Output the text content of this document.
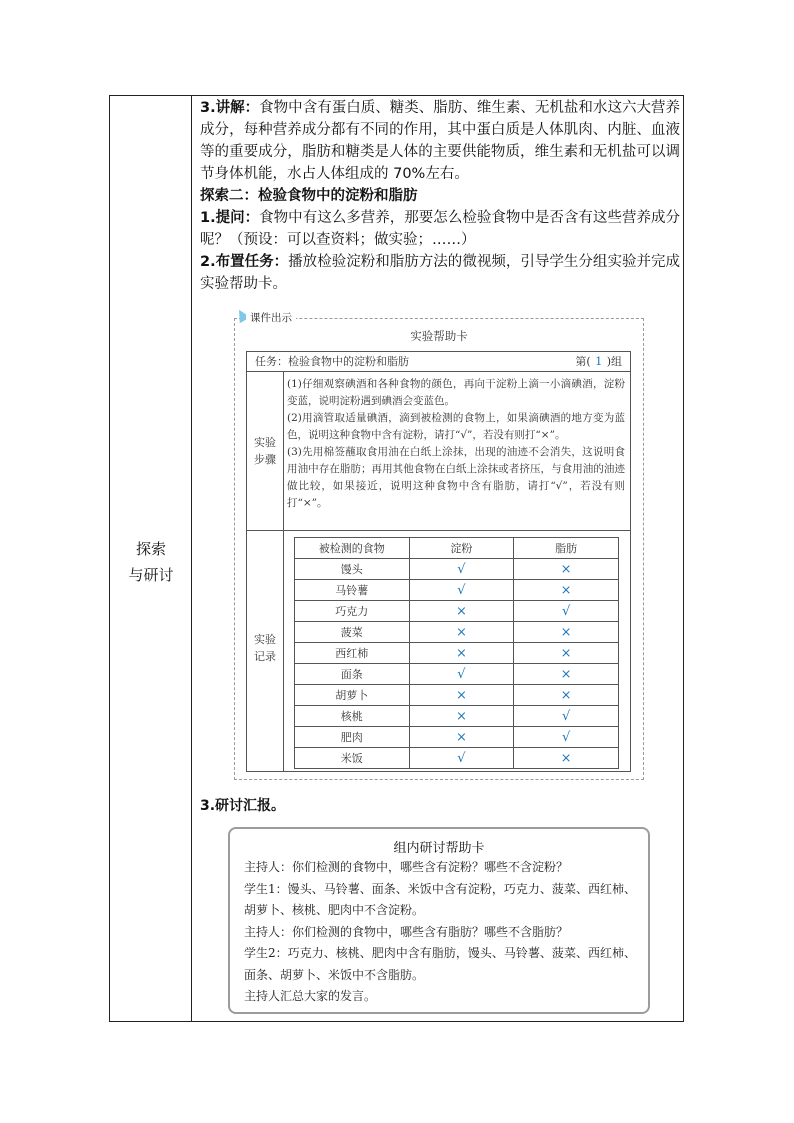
探索
与研讨

3.讲解：食物中含有蛋白质、糖类、脂肪、维生素、无机盐和水这六大营养成分，每种营养成分都有不同的作用，其中蛋白质是人体肌肉、内脏、血液等的重要成分，脂肪和糖类是人体的主要供能物质，维生素和无机盐可以调节身体机能，水占人体组成的 70%左右。

探索二：检验食物中的淀粉和脂肪

1.提问：食物中有这么多营养，那要怎么检验食物中是否含有这些营养成分呢？（预设：可以查资料；做实验；……）

2.布置任务：播放检验淀粉和脂肪方法的微视频，引导学生分组实验并完成实验帮助卡。

课件出示
实验帮助卡
任务：检验食物中的淀粉和脂肪	第( 1 )组
实验
步骤

(1)仔细观察碘酒和各种食物的颜色，再向干淀粉上滴一小滴碘酒，淀粉变蓝，说明淀粉遇到碘酒会变蓝色。

(2)用滴管取适量碘酒，滴到被检测的食物上，如果滴碘酒的地方变为蓝色，说明这种食物中含有淀粉，请打“√”，若没有则打“×”。

(3)先用棉签蘸取食用油在白纸上涂抹，出现的油迹不会消失，这说明食用油中存在脂肪；再用其他食物在白纸上涂抹或者挤压，与食用油的油迹做比较，如果接近，说明这种食物中含有脂肪，请打“√”，若没有则打“×”。

实验
记录
被检测的食物	淀粉	脂肪
馒头	√	×
马铃薯	√	×
巧克力	×	√
菠菜	×	×
西红柿	×	×
面条	√	×
胡萝卜	×	×
核桃	×	√
肥肉	×	√
米饭	√	×
3.研讨汇报。
组内研讨帮助卡

主持人：你们检测的食物中，哪些含有淀粉？哪些不含淀粉？

学生1：馒头、马铃薯、面条、米饭中含有淀粉，巧克力、菠菜、西红柿、胡萝卜、核桃、肥肉中不含淀粉。

主持人：你们检测的食物中，哪些含有脂肪？哪些不含脂肪？

学生2：巧克力、核桃、肥肉中含有脂肪，馒头、马铃薯、菠菜、西红柿、面条、胡萝卜、米饭中不含脂肪。

主持人汇总大家的发言。
